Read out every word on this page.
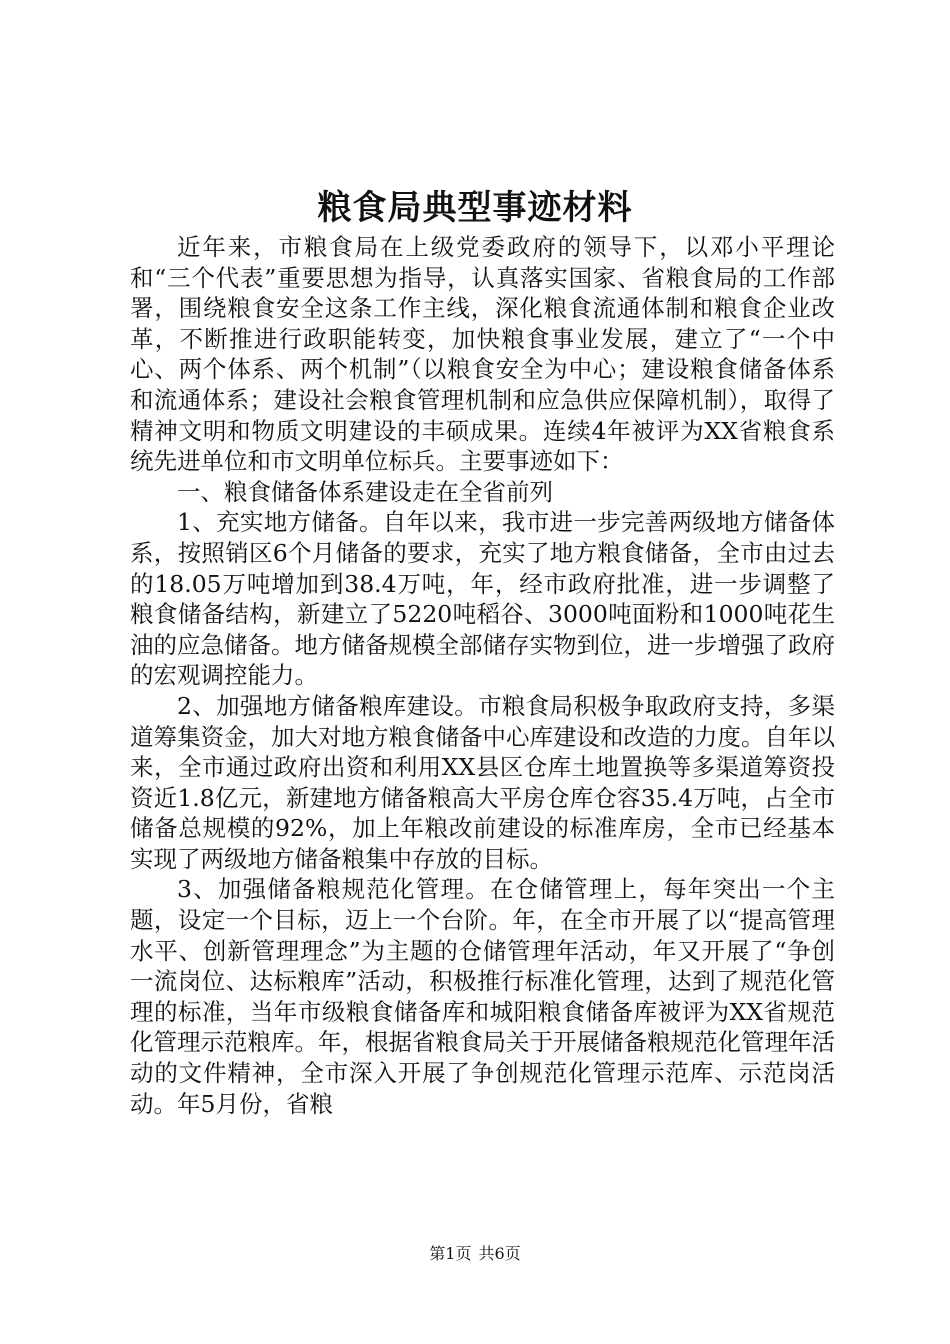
粮食局典型事迹材料

近年来，市粮食局在上级党委政府的领导下，以邓小平理论和“三个代表”重要思想为指导，认真落实国家、省粮食局的工作部署，围绕粮食安全这条工作主线，深化粮食流通体制和粮食企业改革，不断推进行政职能转变，加快粮食事业发展，建立了“一个中心、两个体系、两个机制”（以粮食安全为中心；建设粮食储备体系和流通体系；建设社会粮食管理机制和应急供应保障机制），取得了精神文明和物质文明建设的丰硕成果。连续4年被评为XX省粮食系统先进单位和市文明单位标兵。主要事迹如下：

一、粮食储备体系建设走在全省前列

1、充实地方储备。自年以来，我市进一步完善两级地方储备体系，按照销区6个月储备的要求，充实了地方粮食储备，全市由过去的18.05万吨增加到38.4万吨，年，经市政府批准，进一步调整了粮食储备结构，新建立了5220吨稻谷、3000吨面粉和1000吨花生油的应急储备。地方储备规模全部储存实物到位，进一步增强了政府的宏观调控能力。

2、加强地方储备粮库建设。市粮食局积极争取政府支持，多渠道筹集资金，加大对地方粮食储备中心库建设和改造的力度。自年以来，全市通过政府出资和利用XX县区仓库土地置换等多渠道筹资投资近1.8亿元，新建地方储备粮高大平房仓库仓容35.4万吨，占全市储备总规模的92%，加上年粮改前建设的标准库房，全市已经基本实现了两级地方储备粮集中存放的目标。

3、加强储备粮规范化管理。在仓储管理上，每年突出一个主题，设定一个目标，迈上一个台阶。年，在全市开展了以“提高管理水平、创新管理理念”为主题的仓储管理年活动，年又开展了“争创一流岗位、达标粮库”活动，积极推行标准化管理，达到了规范化管理的标准，当年市级粮食储备库和城阳粮食储备库被评为XX省规范化管理示范粮库。年，根据省粮食局关于开展储备粮规范化管理年活动的文件精神，全市深入开展了争创规范化管理示范库、示范岗活动。年5月份，省粮

第1页 共6页
